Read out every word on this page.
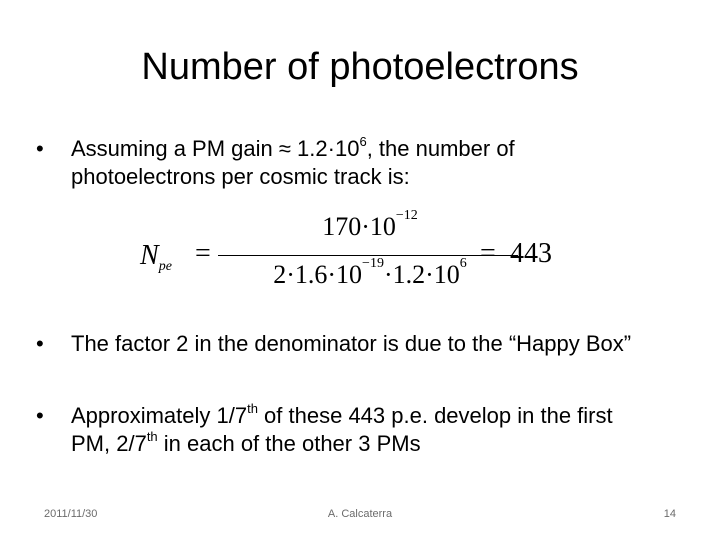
Number of photoelectrons
•	Assuming a PM gain ≈ $1.2\cdot 10^6$, the number of photoelectrons per cosmic track is:
$N_{pe}$ =
$170\cdot 10^{-12}$
$2\cdot 1.6\cdot 10^{-19}\cdot 1.2\cdot 10^6 = 443$
•	The factor 2 in the denominator is due to the “Happy Box”
•	Approximately 1/7th of these 443 p.e. develop in the first PM, 2/7th in each of the other 3 PMs
2011/11/30	A. Calcaterra	14
